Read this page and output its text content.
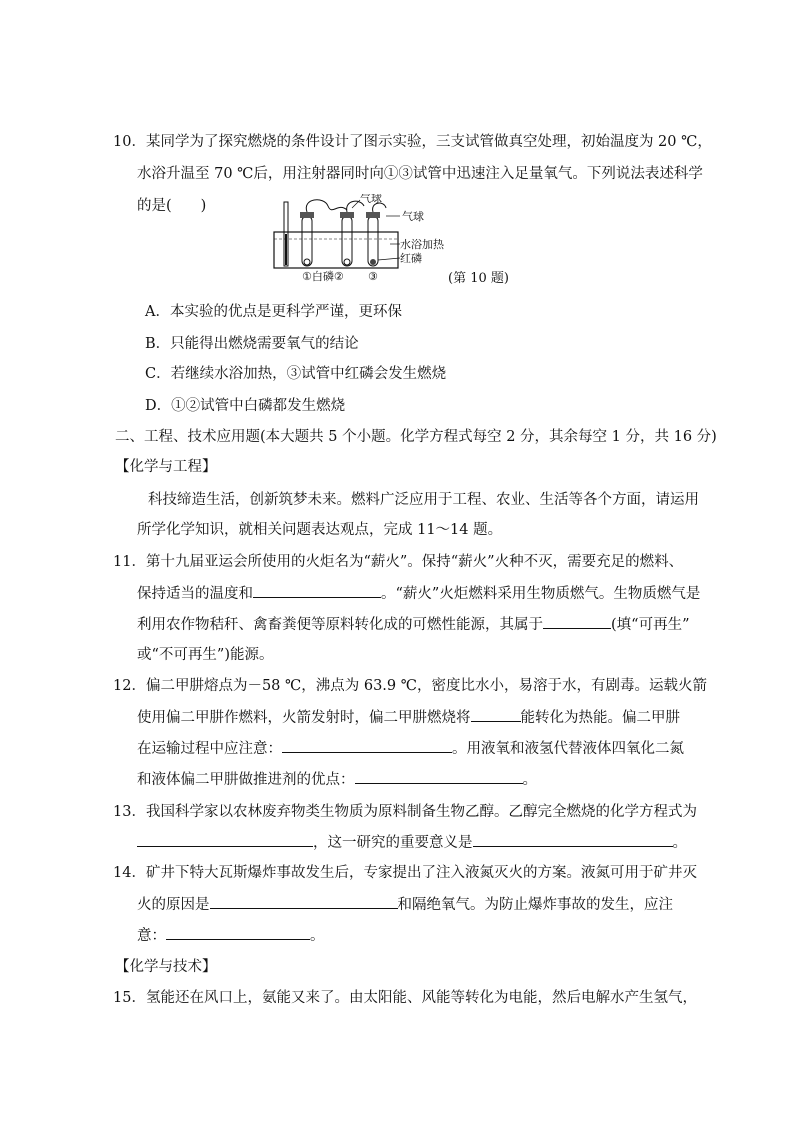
10．某同学为了探究燃烧的条件设计了图示实验，三支试管做真空处理，初始温度为 20 ℃，
水浴升温至 70 ℃后，用注射器同时向①③试管中迅速注入足量氧气。下列说法表述科学
的是(　　)	气球
气球
水浴加热
红磷
①白磷② ③	(第 10 题)
A．本实验的优点是更科学严谨，更环保
B．只能得出燃烧需要氧气的结论
C．若继续水浴加热，③试管中红磷会发生燃烧
D．①②试管中白磷都发生燃烧
二、工程、技术应用题(本大题共 5 个小题。化学方程式每空 2 分，其余每空 1 分，共 16 分)
【化学与工程】
科技缔造生活，创新筑梦未来。燃料广泛应用于工程、农业、生活等各个方面，请运用
所学化学知识，就相关问题表达观点，完成 11～14 题。
11．第十九届亚运会所使用的火炬名为“薪火”。保持“薪火”火种不灭，需要充足的燃料、
保持适当的温度和	。“薪火”火炬燃料采用生物质燃气。生物质燃气是
利用农作物秸秆、禽畜粪便等原料转化成的可燃性能源，其属于	(填“可再生”
或“不可再生”)能源。
12．偏二甲肼熔点为－58 ℃，沸点为 63.9 ℃，密度比水小，易溶于水，有剧毒。运载火箭
使用偏二甲肼作燃料，火箭发射时，偏二甲肼燃烧将	能转化为热能。偏二甲肼
在运输过程中应注意：	。用液氧和液氢代替液体四氧化二氮
和液体偏二甲肼做推进剂的优点：	。
13．我国科学家以农林废弃物类生物质为原料制备生物乙醇。乙醇完全燃烧的化学方程式为
，这一研究的重要意义是	。
14．矿井下特大瓦斯爆炸事故发生后，专家提出了注入液氮灭火的方案。液氮可用于矿井灭
火的原因是	和隔绝氧气。为防止爆炸事故的发生，应注
意：	。
【化学与技术】
15．氢能还在风口上，氨能又来了。由太阳能、风能等转化为电能，然后电解水产生氢气，
